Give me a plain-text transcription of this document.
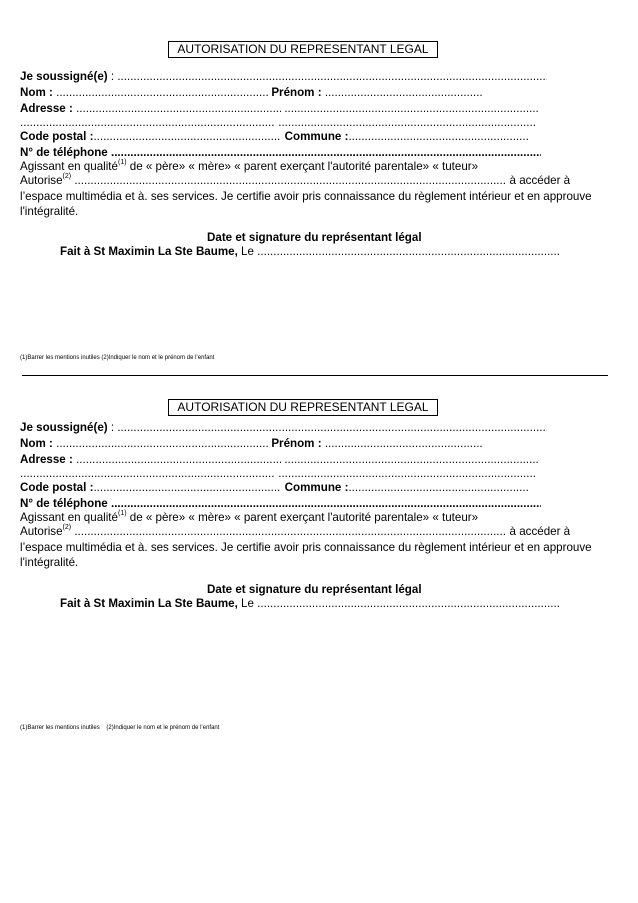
AUTORISATION DU REPRESENTANT LEGAL
Je soussigné(e) : .....
Nom : .....	Prénom : .....
Adresse : ..... .....
..... .....
Code postal : .....	Commune :.....
N° de téléphone .....
Agissant en qualité$^{(1)}$ de « père» « mère» « parent exerçant l'autorité parentale» « tuteur»
Autorise$^{(2)}$ .....	à accéder à
l’espace multimédia et à. ses services. Je certifie avoir pris connaissance du règlement intérieur et en approuve
l'intégralité.
Date et signature du représentant légal
Fait à St Maximin La Ste Baume, Le .....
(1)Barrer les mentions inutiles (2)Indiquer le nom et le prénom de l’enfant
AUTORISATION DU REPRESENTANT LEGAL
Je soussigné(e) : .....
Nom : .....	Prénom : .....
Adresse : ..... .....
..... .....
Code postal : .....	Commune :.....
N° de téléphone .....
Agissant en qualité$^{(1)}$ de « père» « mère» « parent exerçant l'autorité parentale» « tuteur»
Autorise$^{(2)}$ .....	à accéder à
l’espace multimédia et à. ses services. Je certifie avoir pris connaissance du règlement intérieur et en approuve
l'intégralité.
Date et signature du représentant légal
Fait à St Maximin La Ste Baume, Le .....
(1)Barrer les mentions inutiles    (2)Indiquer le nom et le prénom de l’enfant
